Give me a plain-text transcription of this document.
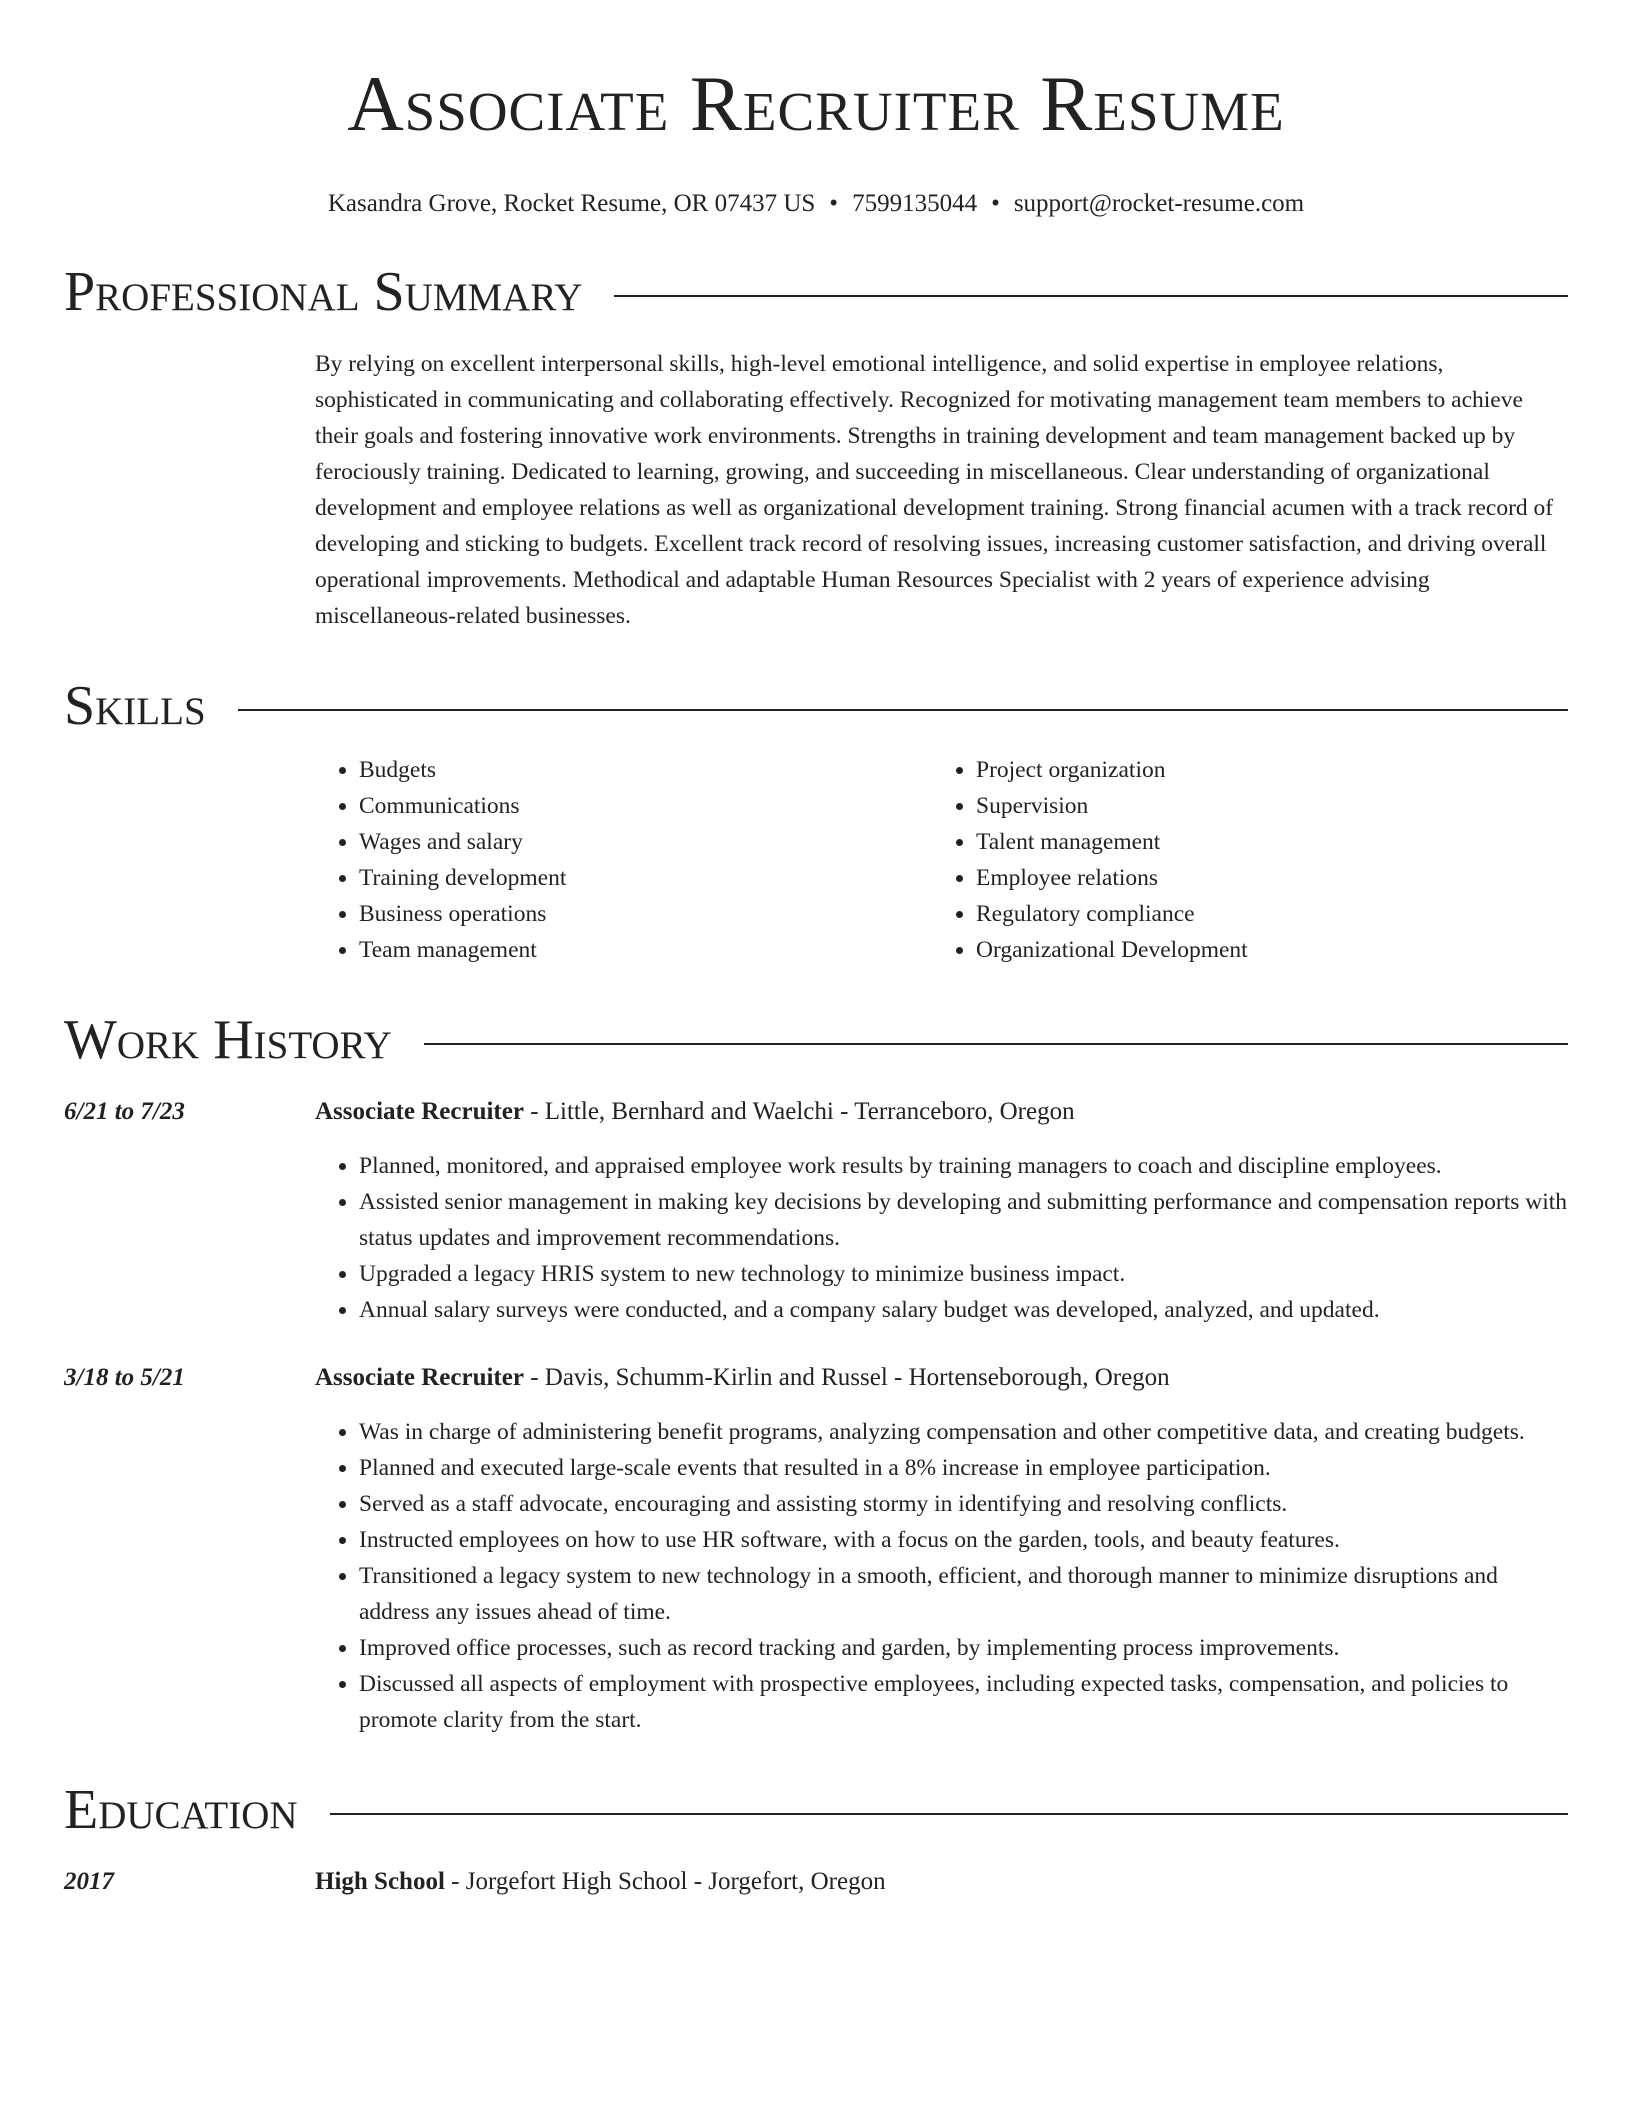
Associate Recruiter Resume
Kasandra Grove, Rocket Resume, OR 07437 US • 7599135044 • support@rocket-resume.com
Professional Summary
By relying on excellent interpersonal skills, high-level emotional intelligence, and solid expertise in employee relations, sophisticated in communicating and collaborating effectively. Recognized for motivating management team members to achieve their goals and fostering innovative work environments. Strengths in training development and team management backed up by ferociously training. Dedicated to learning, growing, and succeeding in miscellaneous. Clear understanding of organizational development and employee relations as well as organizational development training. Strong financial acumen with a track record of developing and sticking to budgets. Excellent track record of resolving issues, increasing customer satisfaction, and driving overall operational improvements. Methodical and adaptable Human Resources Specialist with 2 years of experience advising miscellaneous-related businesses.
Skills
• Budgets
• Communications
• Wages and salary
• Training development
• Business operations
• Team management
• Project organization
• Supervision
• Talent management
• Employee relations
• Regulatory compliance
• Organizational Development
Work History
6/21 to 7/23	Associate Recruiter - Little, Bernhard and Waelchi - Terranceboro, Oregon
• Planned, monitored, and appraised employee work results by training managers to coach and discipline employees.
• Assisted senior management in making key decisions by developing and submitting performance and compensation reports with status updates and improvement recommendations.
• Upgraded a legacy HRIS system to new technology to minimize business impact.
• Annual salary surveys were conducted, and a company salary budget was developed, analyzed, and updated.
3/18 to 5/21	Associate Recruiter - Davis, Schumm-Kirlin and Russel - Hortenseborough, Oregon
• Was in charge of administering benefit programs, analyzing compensation and other competitive data, and creating budgets.
• Planned and executed large-scale events that resulted in a 8% increase in employee participation.
• Served as a staff advocate, encouraging and assisting stormy in identifying and resolving conflicts.
• Instructed employees on how to use HR software, with a focus on the garden, tools, and beauty features.
• Transitioned a legacy system to new technology in a smooth, efficient, and thorough manner to minimize disruptions and address any issues ahead of time.
• Improved office processes, such as record tracking and garden, by implementing process improvements.
• Discussed all aspects of employment with prospective employees, including expected tasks, compensation, and policies to promote clarity from the start.
Education
2017	High School - Jorgefort High School - Jorgefort, Oregon
